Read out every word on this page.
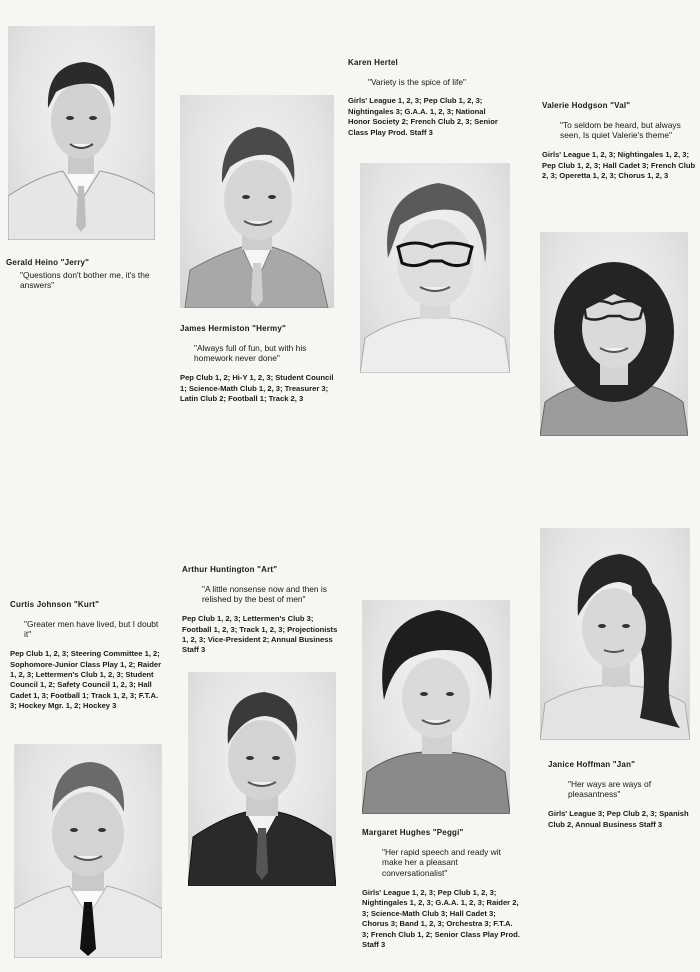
Gerald Heino "Jerry"
"Questions don't bother me, it's the answers"
James Hermiston "Hermy"
"Always full of fun, but with his homework never done"
Pep Club 1, 2; Hi-Y 1, 2, 3; Student Council 1; Science-Math Club 1, 2, 3; Treasurer 3; Latin Club 2; Football 1; Track 2, 3
Karen Hertel
"Variety is the spice of life"
Girls' League 1, 2, 3; Pep Club 1, 2, 3; Nightingales 3; G.A.A. 1, 2, 3; National Honor Society 2; French Club 2, 3; Senior Class Play Prod. Staff 3
Valerie Hodgson "Val"
"To seldom be heard, but always seen, Is quiet Valerie's theme"
Girls' League 1, 2, 3; Nightingales 1, 2, 3; Pep Club 1, 2, 3; Hall Cadet 3; French Club 2, 3; Operetta 1, 2, 3; Chorus 1, 2, 3
Curtis Johnson "Kurt"
"Greater men have lived, but I doubt it"
Pep Club 1, 2, 3; Steering Committee 1, 2; Sophomore-Junior Class Play 1, 2; Raider 1, 2, 3; Lettermen's Club 1, 2, 3; Student Council 1, 2; Safety Council 1, 2, 3; Hall Cadet 1, 3; Football 1; Track 1, 2, 3; F.T.A. 3; Hockey Mgr. 1, 2; Hockey 3
Arthur Huntington "Art"
"A little nonsense now and then is relished by the best of men"
Pep Club 1, 2, 3; Lettermen's Club 3; Football 1, 2, 3; Track 1, 2, 3; Projectionists 1, 2, 3; Vice-President 2; Annual Business Staff 3
Margaret Hughes "Peggi"
"Her rapid speech and ready wit make her a pleasant conversationalist"
Girls' League 1, 2, 3; Pep Club 1, 2, 3; Nightingales 1, 2, 3; G.A.A. 1, 2, 3; Raider 2, 3; Science-Math Club 3; Hall Cadet 3; Chorus 3; Band 1, 2, 3; Orchestra 3; F.T.A. 3; French Club 1, 2; Senior Class Play Prod. Staff 3
Janice Hoffman "Jan"
"Her ways are ways of pleasantness"
Girls' League 3; Pep Club 2, 3; Spanish Club 2, Annual Business Staff 3
